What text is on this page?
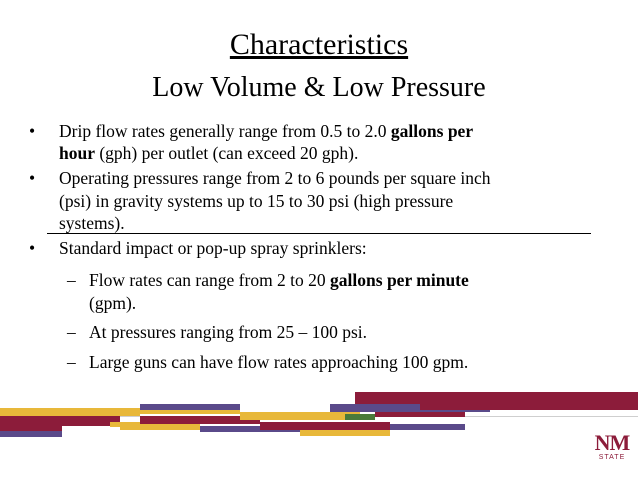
Characteristics
Low Volume & Low Pressure
• Drip flow rates generally range from 0.5 to 2.0 gallons per
hour (gph) per outlet (can exceed 20 gph).
• Operating pressures range from 2 to 6 pounds per square inch
(psi) in gravity systems up to 15 to 30 psi (high pressure
systems).
• Standard impact or pop-up spray sprinklers:
– Flow rates can range from 2 to 20 gallons per minute
(gpm).
– At pressures ranging from 25 – 100 psi.
– Large guns can have flow rates approaching 100 gpm.
NM
STATE
